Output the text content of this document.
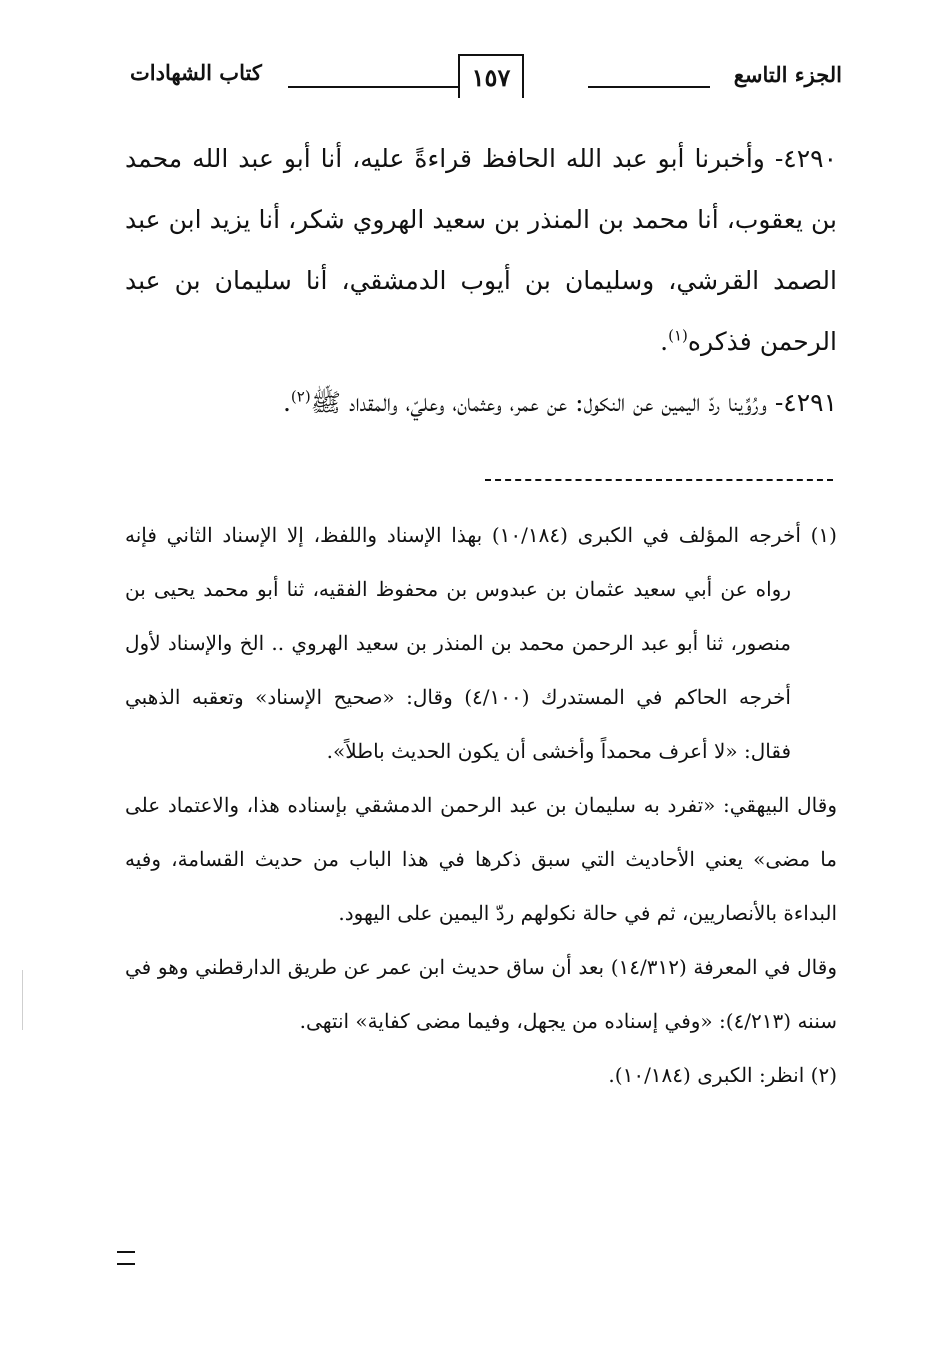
الجزء التاسع
١٥٧
كتاب الشهادات

٤٢٩٠- وأخبرنا أبو عبد الله الحافظ قراءةً عليه، أنا أبو عبد الله محمد بن يعقوب، أنا محمد بن المنذر بن سعيد الهروي شكر، أنا يزيد ابن عبد الصمد القرشي، وسليمان بن أيوب الدمشقي، أنا سليمان بن عبد الرحمن فذكره$^{(١)}$.

٤٢٩١- ورُوِّينا ردّ اليمين عن النكول: عن عمر، وعثمان، وعليّ، والمقداد ﷺ$^{(٢)}$.

(١) أخرجه المؤلف في الكبرى (١٠/١٨٤) بهذا الإسناد واللفظ، إلا الإسناد الثاني فإنه رواه عن أبي سعيد عثمان بن عبدوس بن محفوظ الفقيه، ثنا أبو محمد يحيى بن منصور، ثنا أبو عبد الرحمن محمد بن المنذر بن سعيد الهروي .. الخ والإسناد لأول أخرجه الحاكم في المستدرك (٤/١٠٠) وقال: «صحيح الإسناد» وتعقبه الذهبي فقال: «لا أعرف محمداً وأخشى أن يكون الحديث باطلاً».

وقال البيهقي: «تفرد به سليمان بن عبد الرحمن الدمشقي بإسناده هذا، والاعتماد على ما مضى» يعني الأحاديث التي سبق ذكرها في هذا الباب من حديث القسامة، وفيه البداءة بالأنصاريين، ثم في حالة نكولهم ردّ اليمين على اليهود.

وقال في المعرفة (١٤/٣١٢) بعد أن ساق حديث ابن عمر عن طريق الدارقطني وهو في سننه (٤/٢١٣): «وفي إسناده من يجهل، وفيما مضى كفاية» انتهى.

(٢) انظر: الكبرى (١٠/١٨٤).
